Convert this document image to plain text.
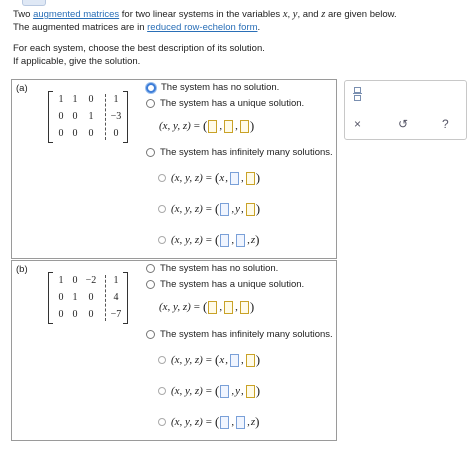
Two augmented matrices for two linear systems in the variables x, y, and z are given below.

The augmented matrices are in reduced row-echelon form.

For each system, choose the best description of its solution.

If applicable, give the solution.

(a)
1 1	0	1
0 0	1	−3
0 0	0	0
The system has no solution.
The system has a unique solution.
(x, y, z) = ( , , )
The system has infinitely many solutions.
(x, y, z) = ( x , , )
(x, y, z) = ( , y , )
(x, y, z) = ( , , z )
(b)
1 0 −2	1
0 1	0	4
0 0	0	−7
The system has no solution.
The system has a unique solution.
(x, y, z) = ( , , )
The system has infinitely many solutions.
(x, y, z) = ( x , , )
(x, y, z) = ( , y , )
(x, y, z) = ( , , z )
×	↺	?
